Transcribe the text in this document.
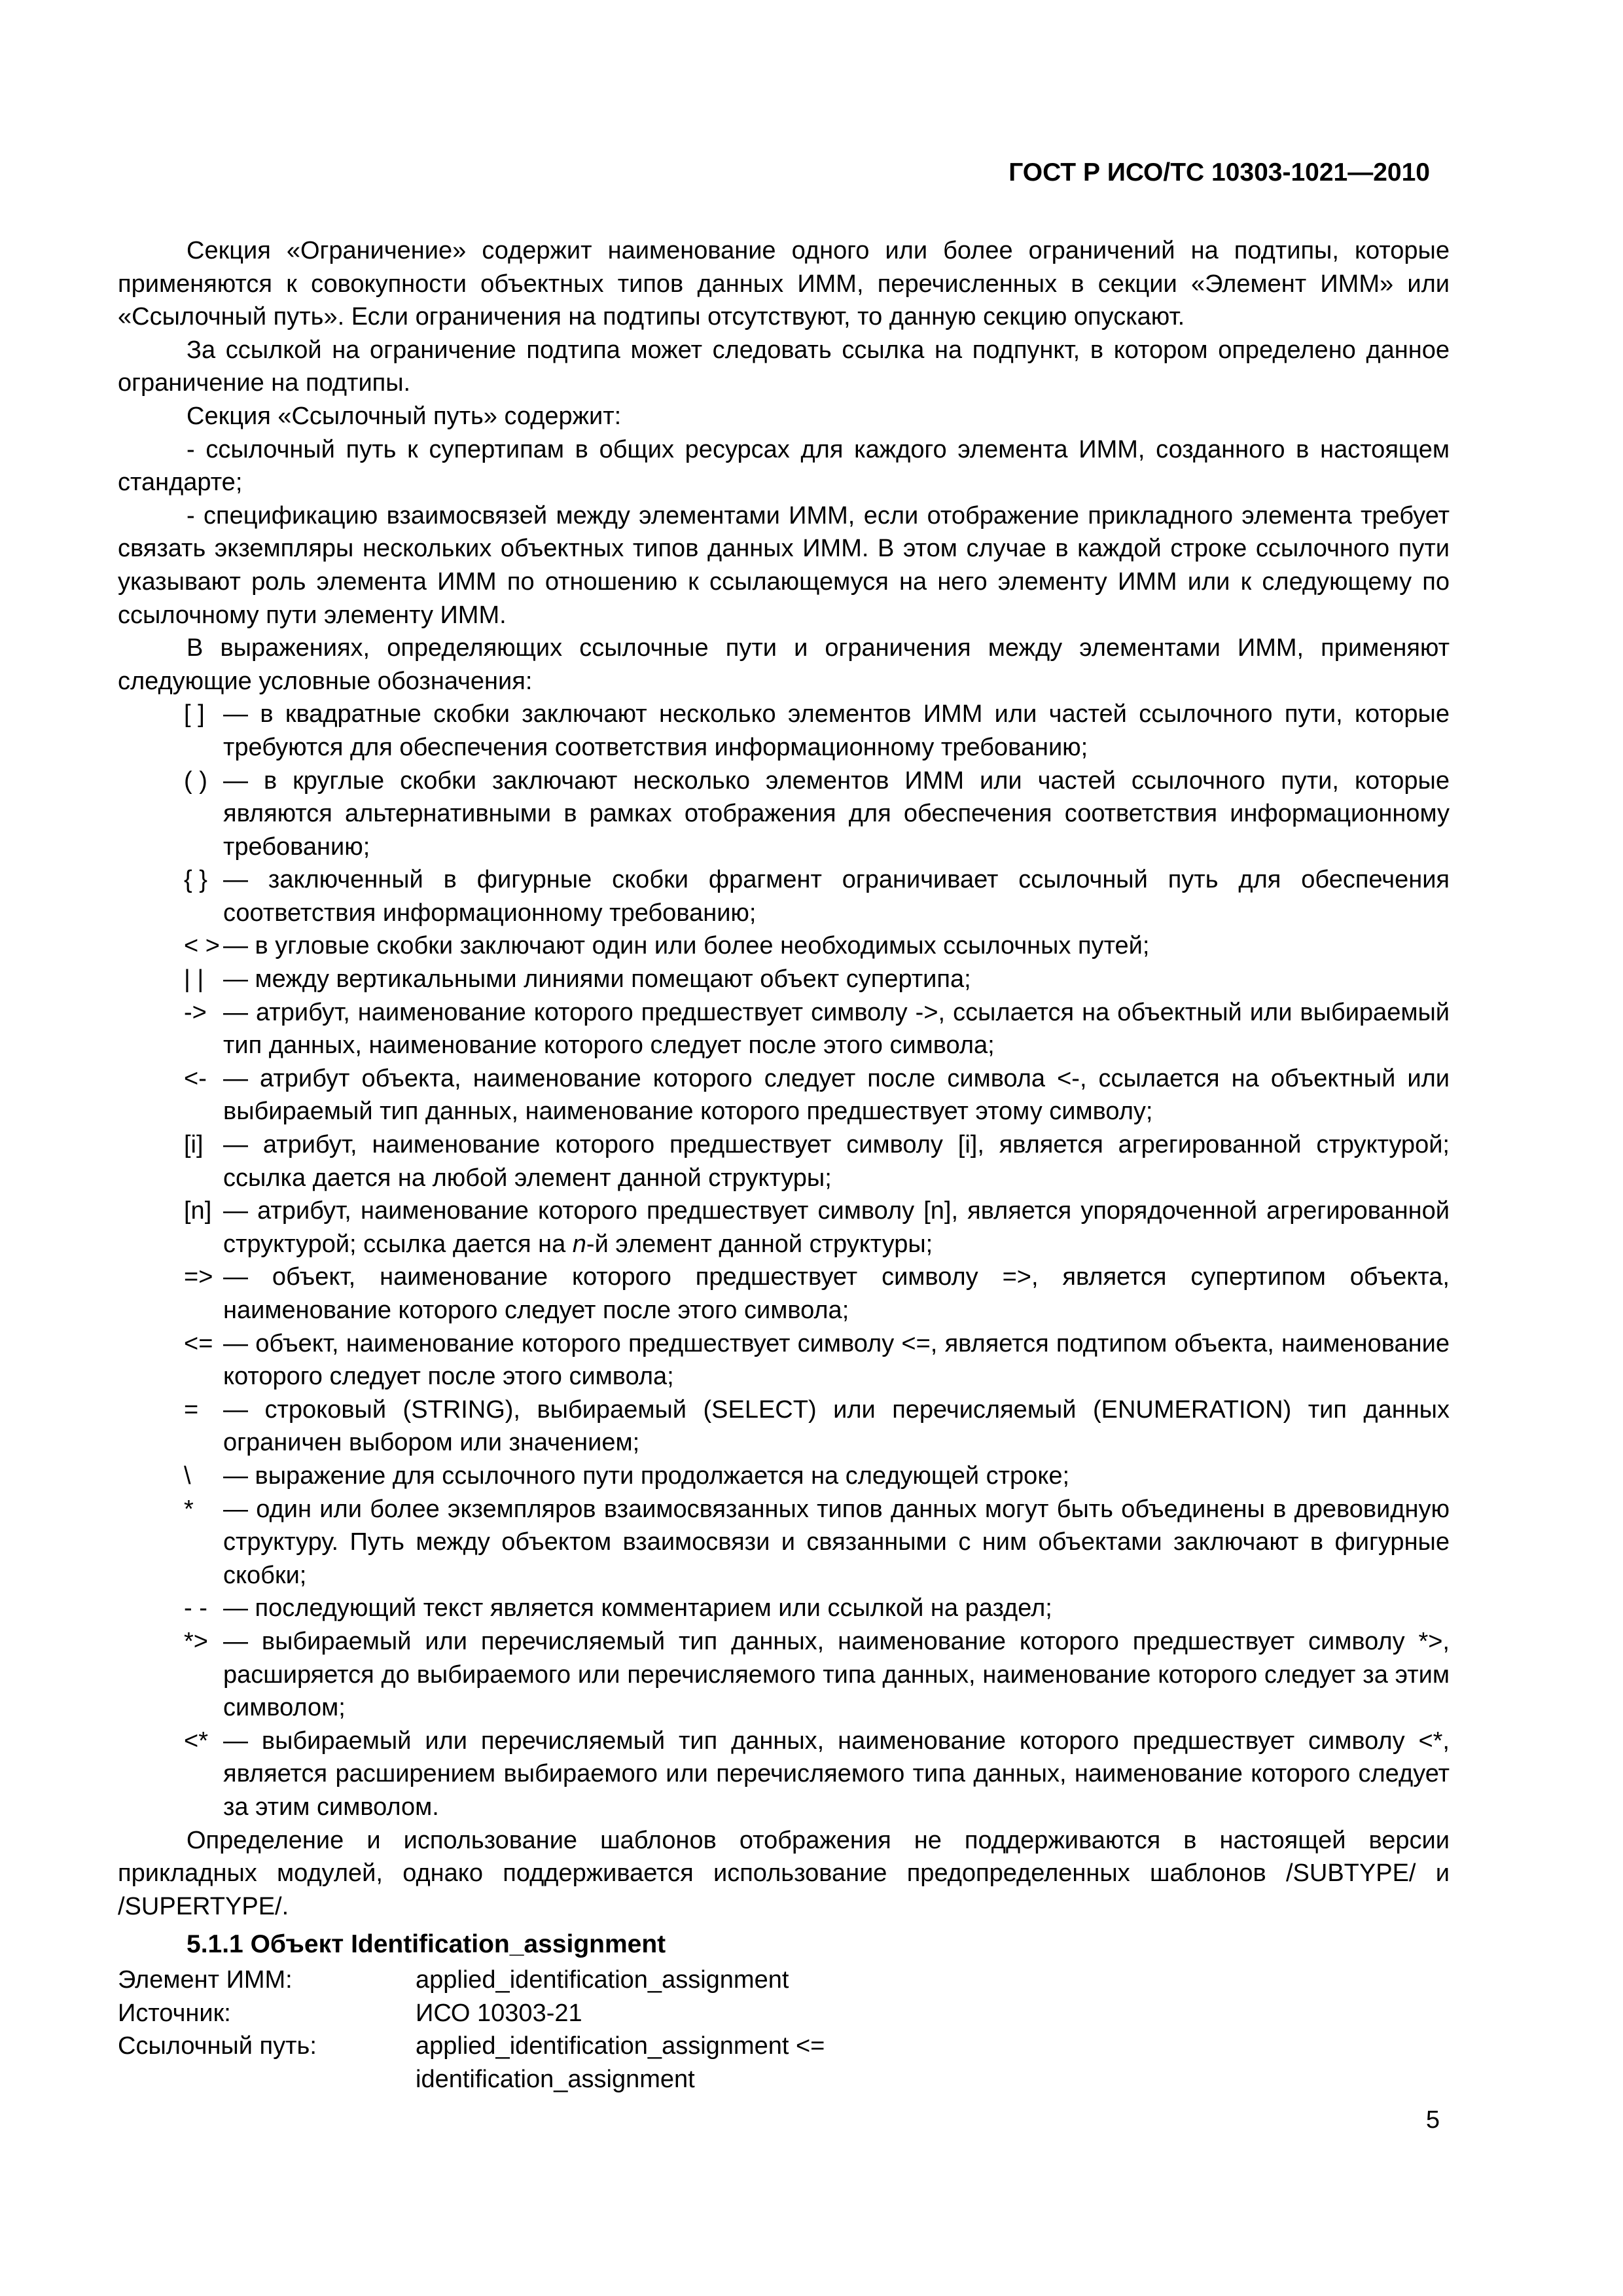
ГОСТ Р ИСО/ТС 10303-1021—2010

Секция «Ограничение» содержит наименование одного или более ограничений на подтипы, которые применяются к совокупности объектных типов данных ИММ, перечисленных в секции «Элемент ИММ» или «Ссылочный путь». Если ограничения на подтипы отсутствуют, то данную секцию опускают.

За ссылкой на ограничение подтипа может следовать ссылка на подпункт, в котором определено данное ограничение на подтипы.

Секция «Ссылочный путь» содержит:

- ссылочный путь к супертипам в общих ресурсах для каждого элемента ИММ, созданного в настоящем стандарте;

- спецификацию взаимосвязей между элементами ИММ, если отображение прикладного элемента требует связать экземпляры нескольких объектных типов данных ИММ. В этом случае в каждой строке ссылочного пути указывают роль элемента ИММ по отношению к ссылающемуся на него элементу ИММ или к следующему по ссылочному пути элементу ИММ.

В выражениях, определяющих ссылочные пути и ограничения между элементами ИММ, применяют следующие условные обозначения:

[ ]	— в квадратные скобки заключают несколько элементов ИММ или частей ссылочного пути, которые требуются для обеспечения соответствия информационному требованию;

( )	— в круглые скобки заключают несколько элементов ИММ или частей ссылочного пути, которые являются альтернативными в рамках отображения для обеспечения соответствия информационному требованию;
{ }	— заключенный в фигурные скобки фрагмент ограничивает ссылочный путь для обеспечения соответствия информационному требованию;
< >	— в угловые скобки заключают один или более необходимых ссылочных путей;
| |	— между вертикальными линиями помещают объект супертипа;
->	— атрибут, наименование которого предшествует символу ->, ссылается на объектный или выбираемый тип данных, наименование которого следует после этого символа;
<-	— атрибут объекта, наименование которого следует после символа <-, ссылается на объектный или выбираемый тип данных, наименование которого предшествует этому символу;
[i]	— атрибут, наименование которого предшествует символу [i], является агрегированной структурой; ссылка дается на любой элемент данной структуры;
[n]	— атрибут, наименование которого предшествует символу [n], является упорядоченной агрегированной структурой; ссылка дается на n-й элемент данной структуры;
=>	— объект, наименование которого предшествует символу =>, является супертипом объекта, наименование которого следует после этого символа;
<=	— объект, наименование которого предшествует символу <=, является подтипом объекта, наименование которого следует после этого символа;
=	— строковый (STRING), выбираемый (SELECT) или перечисляемый (ENUMERATION) тип данных ограничен выбором или значением;
\	— выражение для ссылочного пути продолжается на следующей строке;
*	— один или более экземпляров взаимосвязанных типов данных могут быть объединены в древовидную структуру. Путь между объектом взаимосвязи и связанными с ним объектами заключают в фигурные скобки;
- -	— последующий текст является комментарием или ссылкой на раздел;
*>	— выбираемый или перечисляемый тип данных, наименование которого предшествует символу *>, расширяется до выбираемого или перечисляемого типа данных, наименование которого следует за этим символом;
<*	— выбираемый или перечисляемый тип данных, наименование которого предшествует символу <*, является расширением выбираемого или перечисляемого типа данных, наименование которого следует за этим символом.

Определение и использование шаблонов отображения не поддерживаются в настоящей версии прикладных модулей, однако поддерживается использование предопределенных шаблонов /SUBTYPE/ и /SUPERTYPE/.

5.1.1 Объект Identification_assignment
Элемент ИММ:	applied_identification_assignment
Источник:	ИСО 10303-21
Ссылочный путь:	applied_identification_assignment <=
identification_assignment
5
